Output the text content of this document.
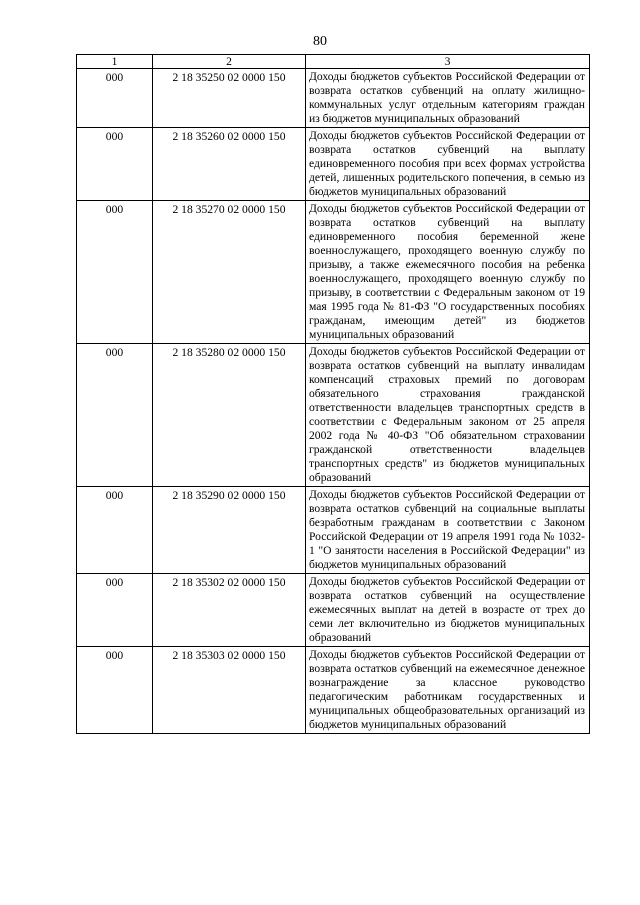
80
1	2	3
000	2 18 35250 02 0000 150	Доходы бюджетов субъектов Российской Федерации от возврата остатков субвенций на оплату жилищно-коммунальных услуг отдельным категориям граждан из бюджетов муниципальных образований
000	2 18 35260 02 0000 150	Доходы бюджетов субъектов Российской Федерации от возврата остатков субвенций на выплату единовременного пособия при всех формах устройства детей, лишенных родительского попечения, в семью из бюджетов муниципальных образований
000	2 18 35270 02 0000 150	Доходы бюджетов субъектов Российской Федерации от возврата остатков субвенций на выплату единовременного пособия беременной жене военнослужащего, проходящего военную службу по призыву, а также ежемесячного пособия на ребенка военнослужащего, проходящего военную службу по призыву, в соответствии с Федеральным законом от 19 мая 1995 года № 81-ФЗ "О государственных пособиях гражданам, имеющим детей" из бюджетов муниципальных образований
000	2 18 35280 02 0000 150	Доходы бюджетов субъектов Российской Федерации от возврата остатков субвенций на выплату инвалидам компенсаций страховых премий по договорам обязательного страхования гражданской ответственности владельцев транспортных средств в соответствии с Федеральным законом от 25 апреля 2002 года № 40-ФЗ "Об обязательном страховании гражданской ответственности владельцев транспортных средств" из бюджетов муниципальных образований
000	2 18 35290 02 0000 150	Доходы бюджетов субъектов Российской Федерации от возврата остатков субвенций на социальные выплаты безработным гражданам в соответствии с Законом Российской Федерации от 19 апреля 1991 года № 1032-1 "О занятости населения в Российской Федерации" из бюджетов муниципальных образований
000	2 18 35302 02 0000 150	Доходы бюджетов субъектов Российской Федерации от возврата остатков субвенций на осуществление ежемесячных выплат на детей в возрасте от трех до семи лет включительно из бюджетов муниципальных образований
000	2 18 35303 02 0000 150	Доходы бюджетов субъектов Российской Федерации от возврата остатков субвенций на ежемесячное денежное вознаграждение за классное руководство педагогическим работникам государственных и муниципальных общеобразовательных организаций из бюджетов муниципальных образований
